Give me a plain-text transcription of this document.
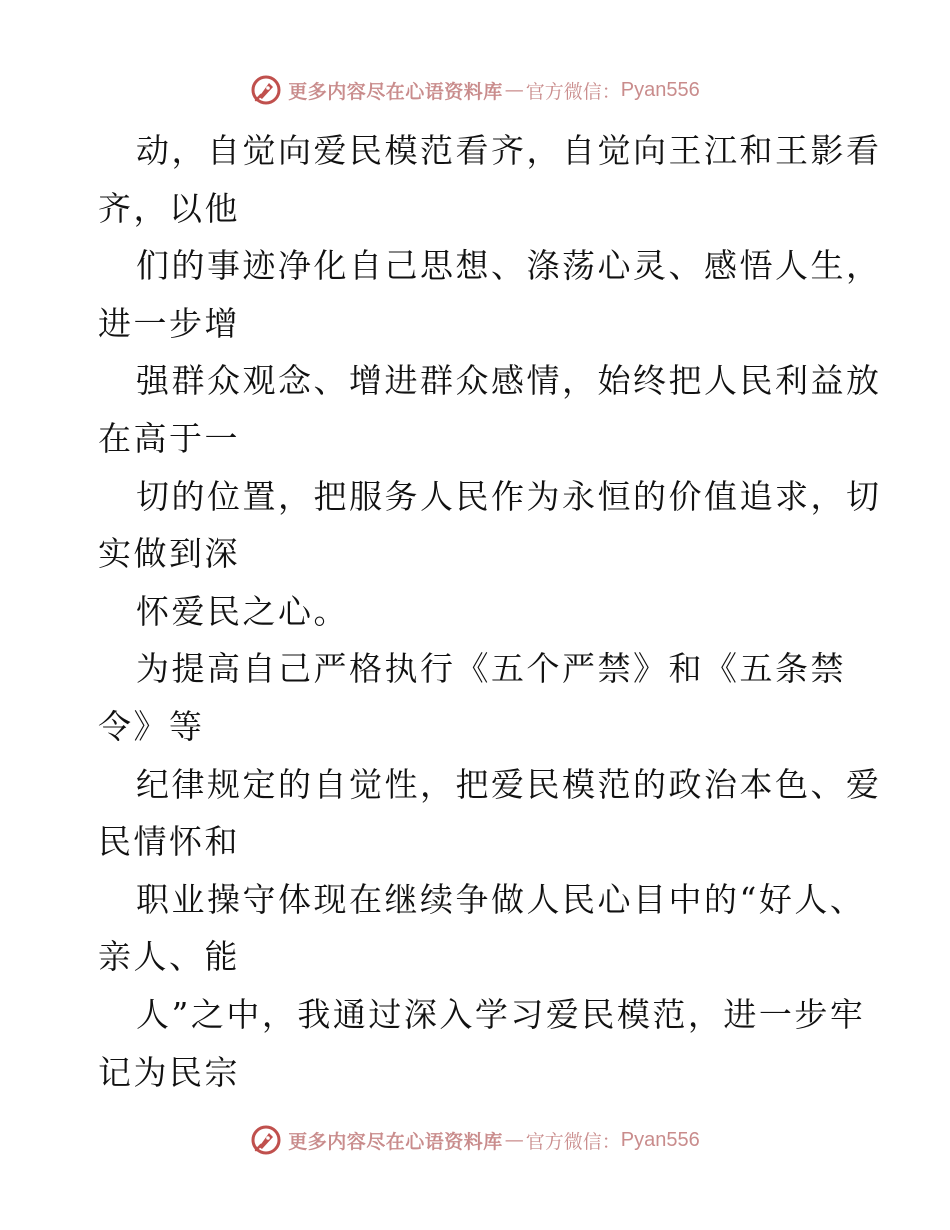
更多内容尽在心语资料库 — 官方微信： Pyan556
动，自觉向爱民模范看齐，自觉向王江和王影看
齐，以他
们的事迹净化自己思想、涤荡心灵、感悟人生，
进一步增
强群众观念、增进群众感情，始终把人民利益放
在高于一
切的位置，把服务人民作为永恒的价值追求，切
实做到深
怀爱民之心。
为提高自己严格执行《五个严禁》和《五条禁
令》等
纪律规定的自觉性，把爱民模范的政治本色、爱
民情怀和
职业操守体现在继续争做人民心目中的“好人、
亲人、能
人”之中，我通过深入学习爱民模范，进一步牢
记为民宗
更多内容尽在心语资料库 — 官方微信： Pyan556
